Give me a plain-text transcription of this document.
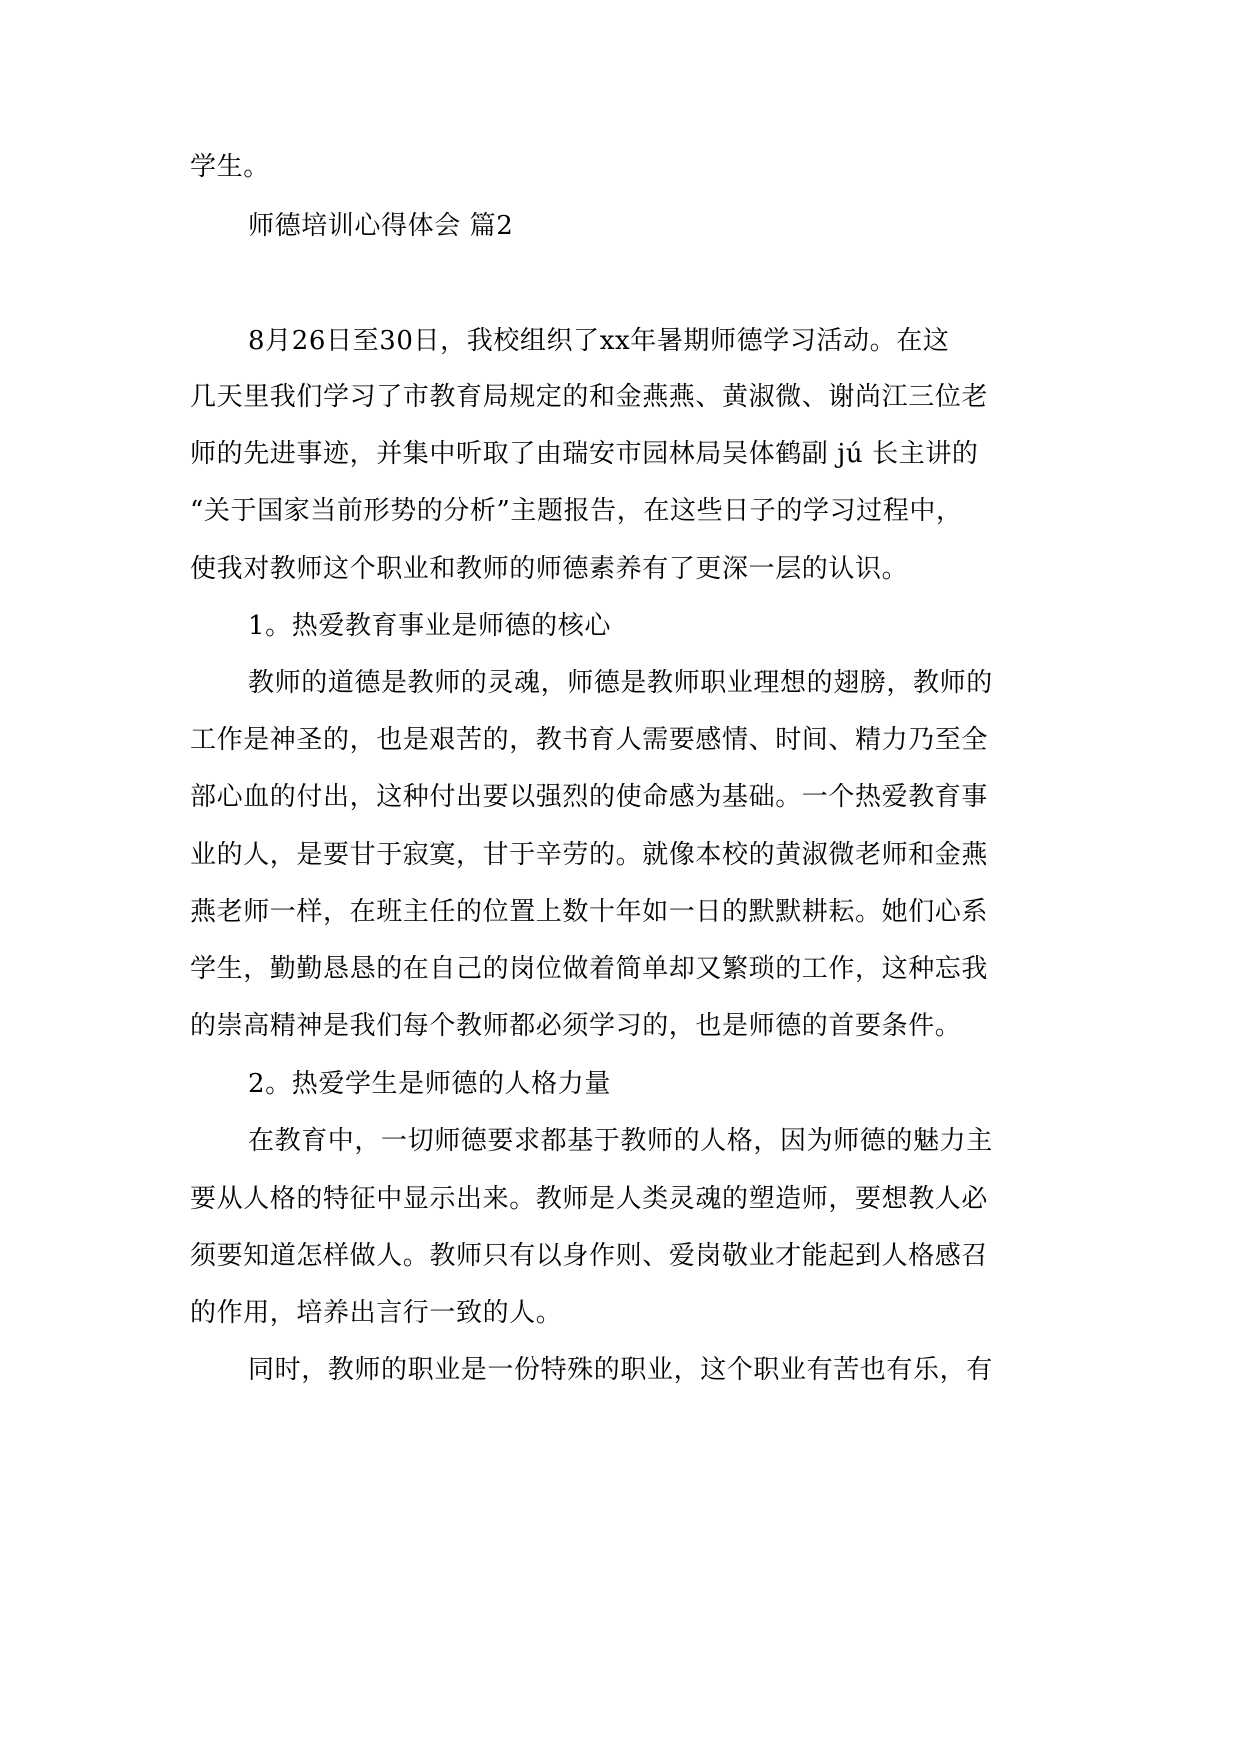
学生。
师德培训心得体会 篇2
8月26日至30日，我校组织了xx年暑期师德学习活动。在这
几天里我们学习了市教育局规定的和金燕燕、黄淑微、谢尚江三位老
师的先进事迹，并集中听取了由瑞安市园林局吴体鹤副 jú 长主讲的
“关于国家当前形势的分析”主题报告，在这些日子的学习过程中，
使我对教师这个职业和教师的师德素养有了更深一层的认识。
1。热爱教育事业是师德的核心
教师的道德是教师的灵魂，师德是教师职业理想的翅膀，教师的
工作是神圣的，也是艰苦的，教书育人需要感情、时间、精力乃至全
部心血的付出，这种付出要以强烈的使命感为基础。一个热爱教育事
业的人，是要甘于寂寞，甘于辛劳的。就像本校的黄淑微老师和金燕
燕老师一样，在班主任的位置上数十年如一日的默默耕耘。她们心系
学生，勤勤恳恳的在自己的岗位做着简单却又繁琐的工作，这种忘我
的崇高精神是我们每个教师都必须学习的，也是师德的首要条件。
2。热爱学生是师德的人格力量
在教育中，一切师德要求都基于教师的人格，因为师德的魅力主
要从人格的特征中显示出来。教师是人类灵魂的塑造师，要想教人必
须要知道怎样做人。教师只有以身作则、爱岗敬业才能起到人格感召
的作用，培养出言行一致的人。
同时，教师的职业是一份特殊的职业，这个职业有苦也有乐，有
